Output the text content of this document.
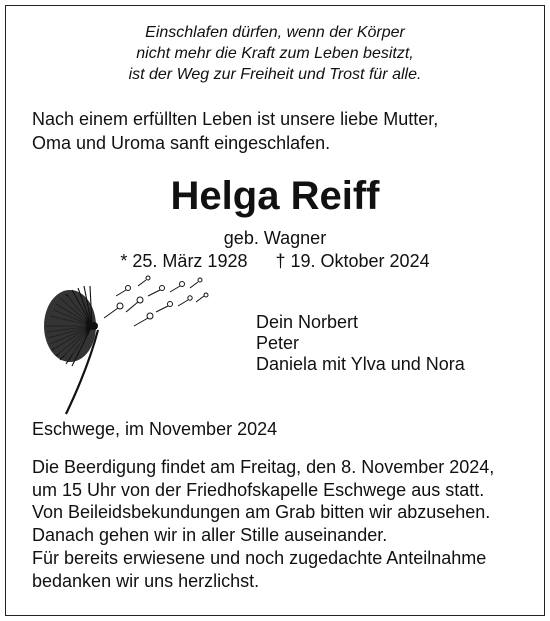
Einschlafen dürfen, wenn der Körper
nicht mehr die Kraft zum Leben besitzt,
ist der Weg zur Freiheit und Trost für alle.
Nach einem erfüllten Leben ist unsere liebe Mutter,
Oma und Uroma sanft eingeschlafen.
Helga Reiff
geb. Wagner
* 25. März 1928 † 19. Oktober 2024
Dein Norbert
Peter
Daniela mit Ylva und Nora
Eschwege, im November 2024
Die Beerdigung findet am Freitag, den 8. November 2024,
um 15 Uhr von der Friedhofskapelle Eschwege aus statt.
Von Beileidsbekundungen am Grab bitten wir abzusehen.
Danach gehen wir in aller Stille auseinander.
Für bereits erwiesene und noch zugedachte Anteilnahme
bedanken wir uns herzlichst.
